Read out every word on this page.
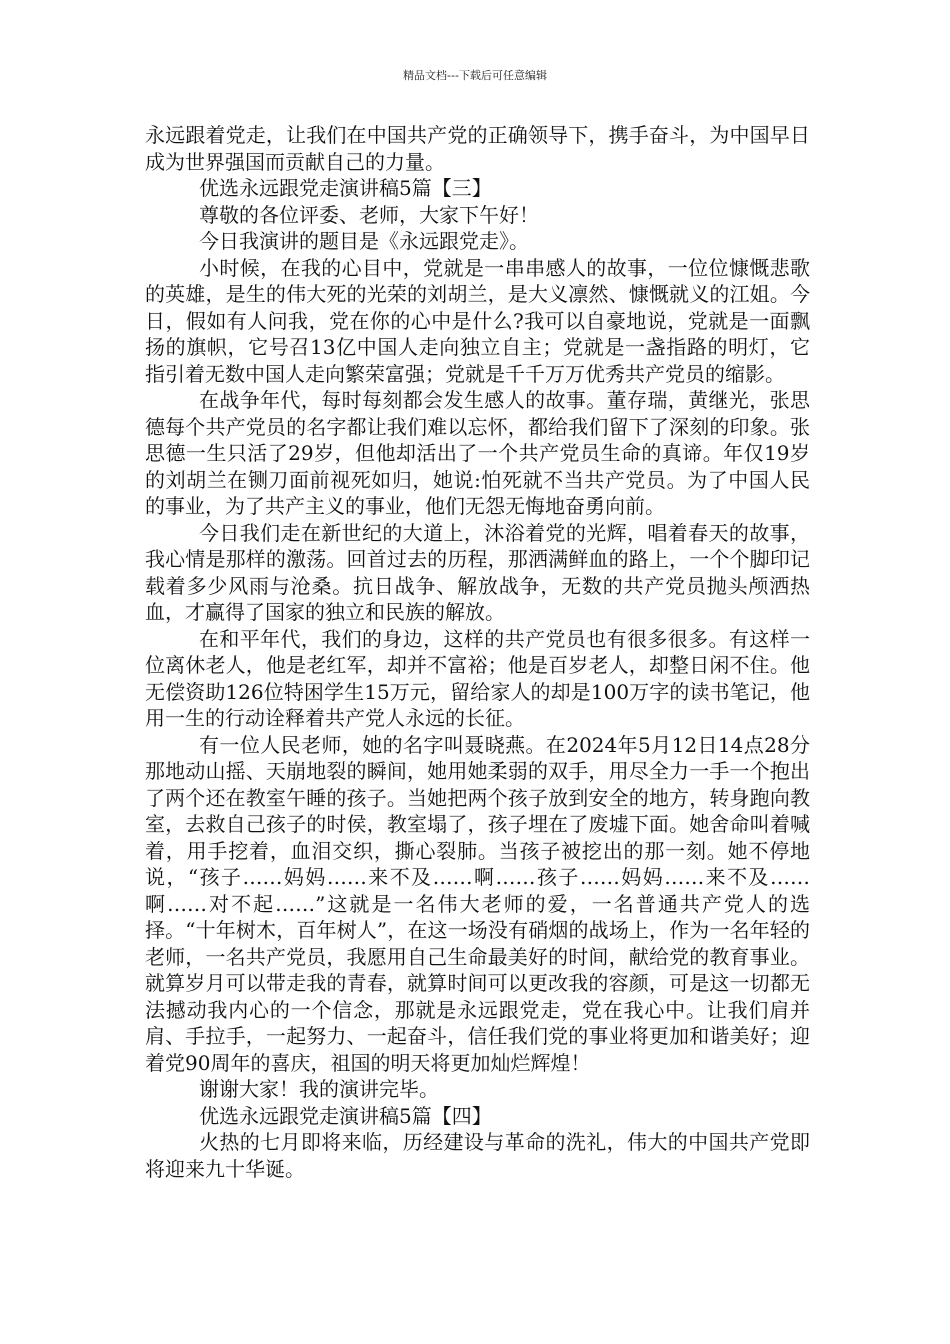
精品文档---下载后可任意编辑

永远跟着党走，让我们在中国共产党的正确领导下，携手奋斗，为中国早日成为世界强国而贡献自己的力量。

优选永远跟党走演讲稿5篇【三】

尊敬的各位评委、老师，大家下午好！

今日我演讲的题目是《永远跟党走》。

小时候，在我的心目中，党就是一串串感人的故事，一位位慷慨悲歌的英雄，是生的伟大死的光荣的刘胡兰，是大义凛然、慷慨就义的江姐。今日，假如有人问我，党在你的心中是什么?我可以自豪地说，党就是一面飘扬的旗帜，它号召13亿中国人走向独立自主；党就是一盏指路的明灯，它指引着无数中国人走向繁荣富强；党就是千千万万优秀共产党员的缩影。

在战争年代，每时每刻都会发生感人的故事。董存瑞，黄继光，张思德每个共产党员的名字都让我们难以忘怀，都给我们留下了深刻的印象。张思德一生只活了29岁，但他却活出了一个共产党员生命的真谛。年仅19岁的刘胡兰在铡刀面前视死如归，她说:怕死就不当共产党员。为了中国人民的事业，为了共产主义的事业，他们无怨无悔地奋勇向前。

今日我们走在新世纪的大道上，沐浴着党的光辉，唱着春天的故事，我心情是那样的激荡。回首过去的历程，那洒满鲜血的路上，一个个脚印记载着多少风雨与沧桑。抗日战争、解放战争，无数的共产党员抛头颅洒热血，才赢得了国家的独立和民族的解放。

在和平年代，我们的身边，这样的共产党员也有很多很多。有这样一位离休老人，他是老红军，却并不富裕；他是百岁老人，却整日闲不住。他无偿资助126位特困学生15万元，留给家人的却是100万字的读书笔记，他用一生的行动诠释着共产党人永远的长征。

有一位人民老师，她的名字叫聂晓燕。在2024年5月12日14点28分那地动山摇、天崩地裂的瞬间，她用她柔弱的双手，用尽全力一手一个抱出了两个还在教室午睡的孩子。当她把两个孩子放到安全的地方，转身跑向教室，去救自己孩子的时侯，教室塌了，孩子埋在了废墟下面。她舍命叫着喊着，用手挖着，血泪交织，撕心裂肺。当孩子被挖出的那一刻。她不停地说，“孩子……妈妈……来不及……啊……孩子……妈妈……来不及……啊……对不起……”这就是一名伟大老师的爱，一名普通共产党人的选择。“十年树木，百年树人”，在这一场没有硝烟的战场上，作为一名年轻的老师，一名共产党员，我愿用自己生命最美好的时间，献给党的教育事业。就算岁月可以带走我的青春，就算时间可以更改我的容颜，可是这一切都无法撼动我内心的一个信念，那就是永远跟党走，党在我心中。让我们肩并肩、手拉手，一起努力、一起奋斗，信任我们党的事业将更加和谐美好；迎着党90周年的喜庆，祖国的明天将更加灿烂辉煌！

谢谢大家！我的演讲完毕。

优选永远跟党走演讲稿5篇【四】

火热的七月即将来临，历经建设与革命的洗礼，伟大的中国共产党即将迎来九十华诞。
